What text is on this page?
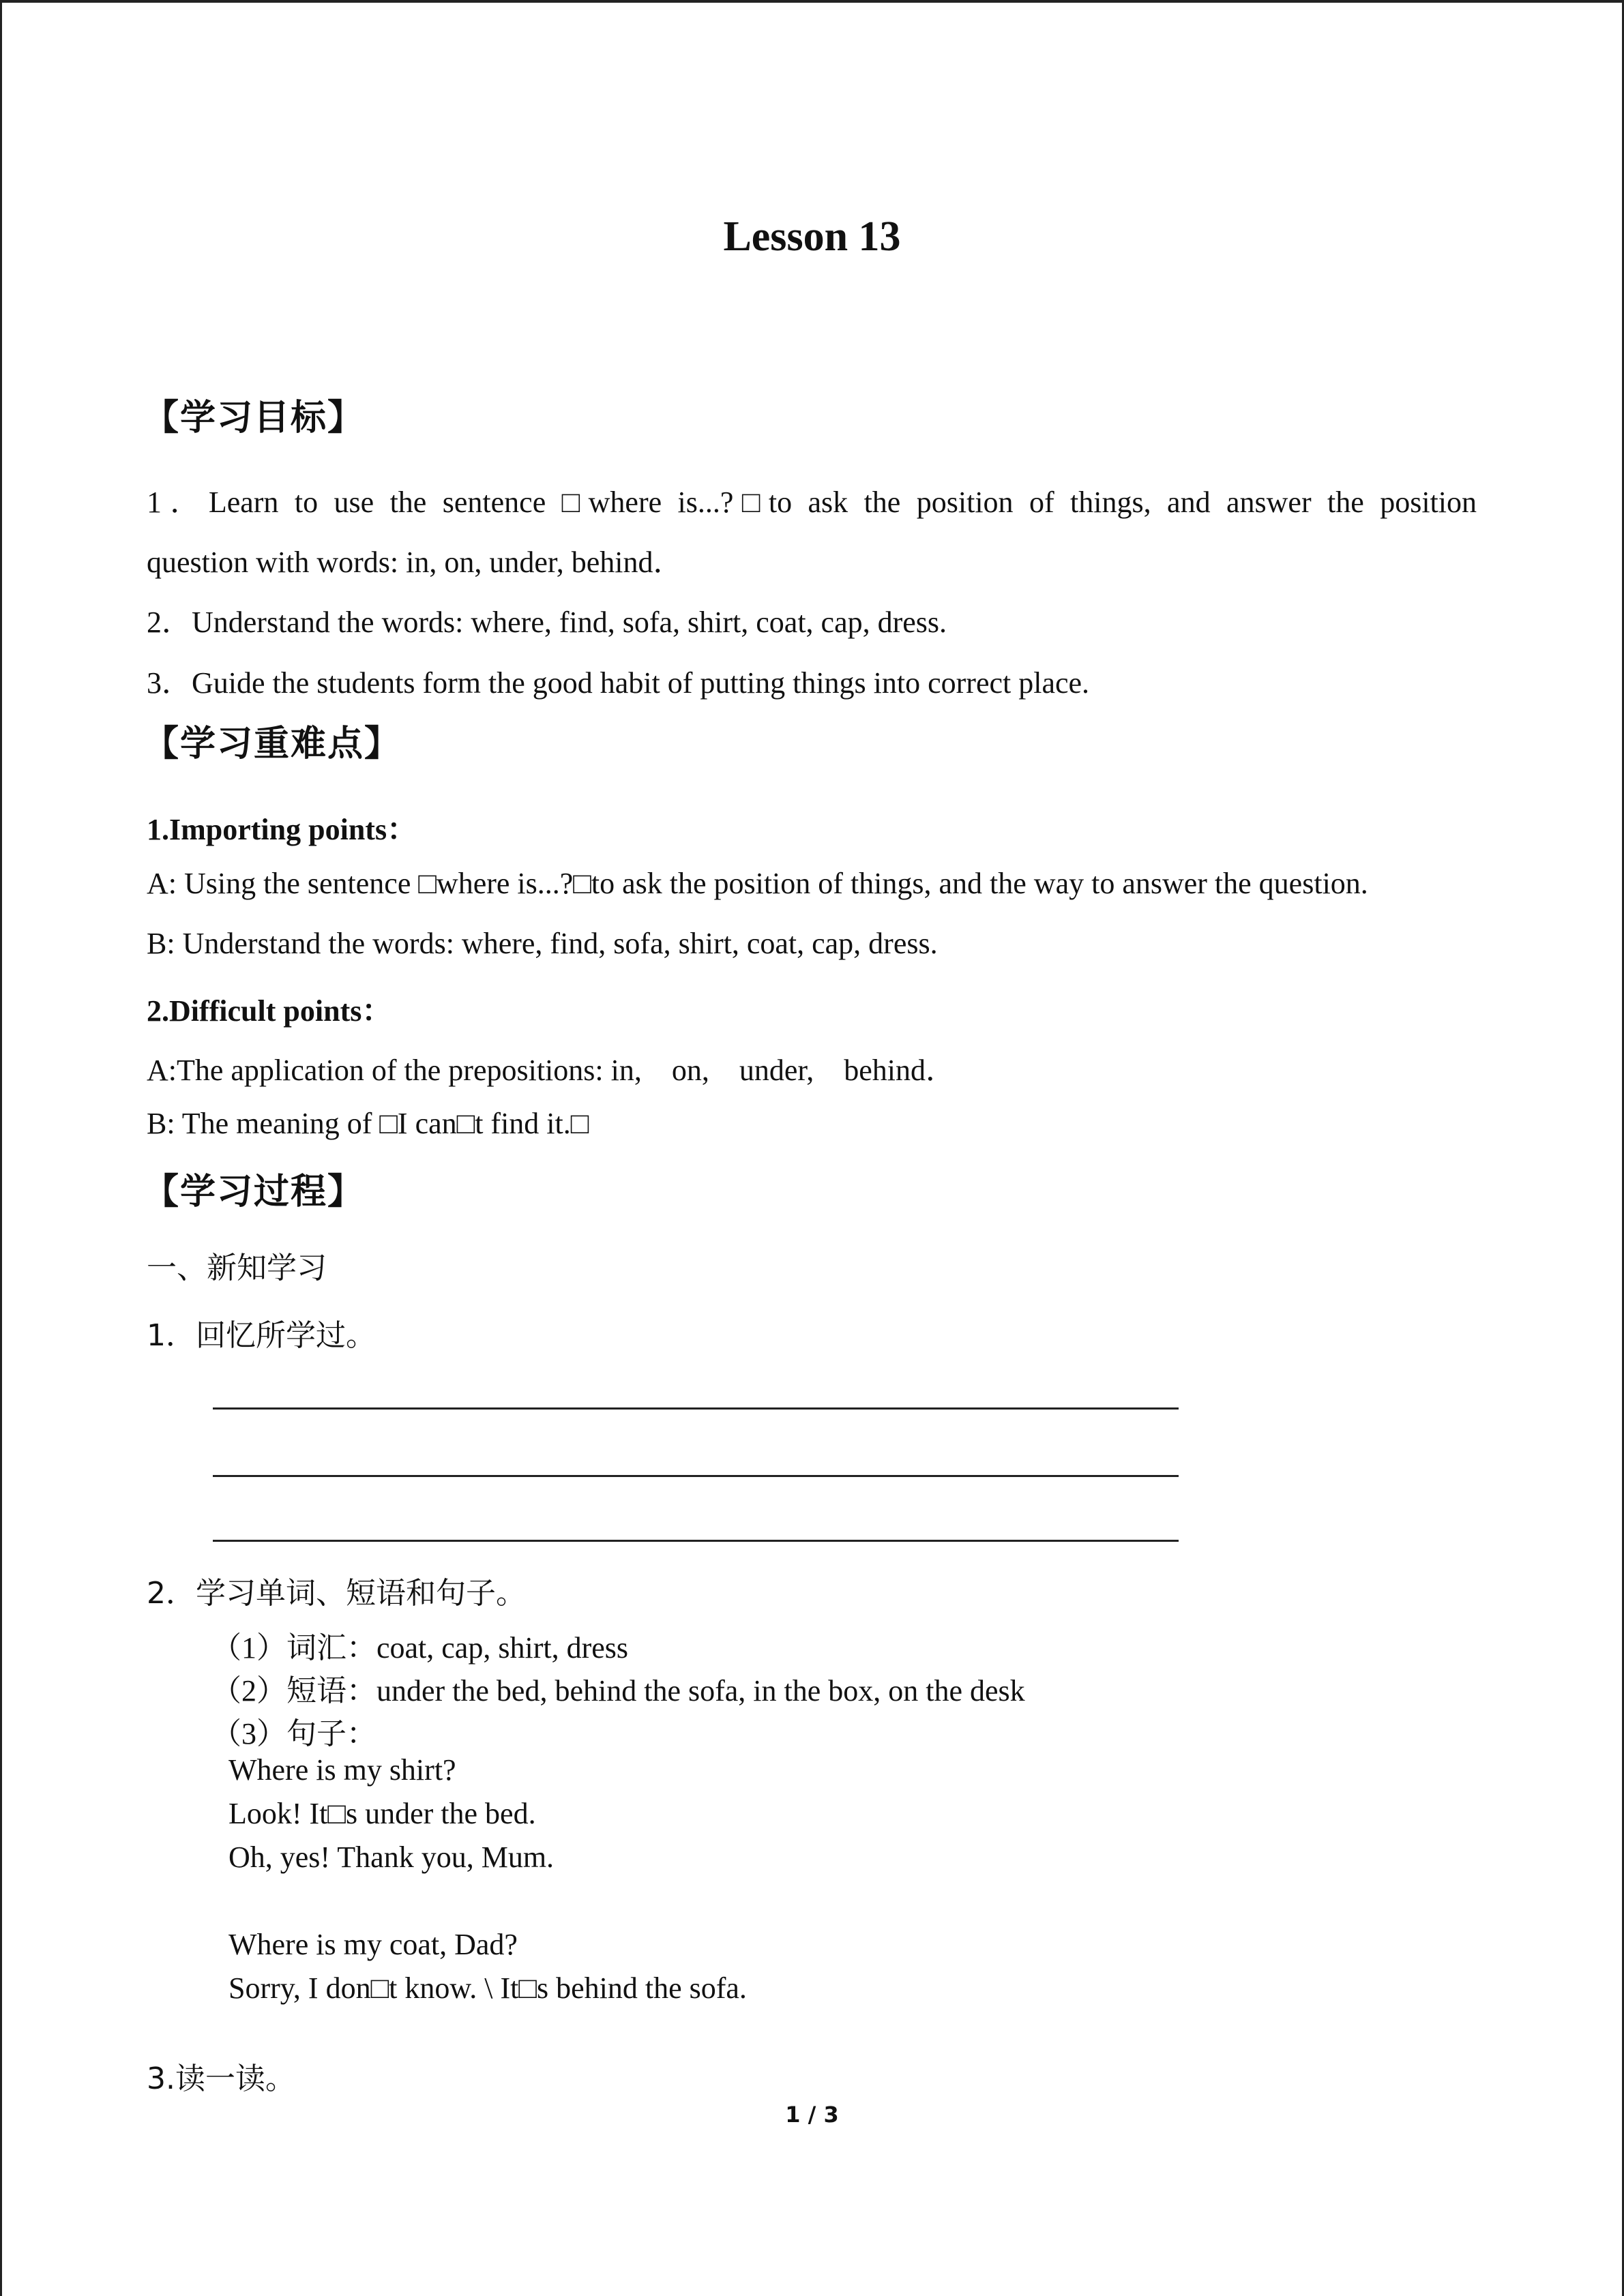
Lesson 13
【学习目标】
1．Learn to use the sentence □where is...?□to ask the position of things, and answer the position
question with words: in, on, under, behind．
2．Understand the words: where, find, sofa, shirt, coat, cap, dress.
3．Guide the students form the good habit of putting things into correct place.
【学习重难点】
1.Importing points：
A: Using the sentence □where is...?□to ask the position of things, and the way to answer the question.
B: Understand the words: where, find, sofa, shirt, coat, cap, dress.
2.Difficult points：
A:The application of the prepositions: in,    on,    under,    behind．
B: The meaning of □I can□t find it.□
【学习过程】
一、新知学习
1．回忆所学过。
2．学习单词、短语和句子。
（1）词汇：coat, cap, shirt, dress
（2）短语：under the bed, behind the sofa, in the box, on the desk
（3）句子：
Where is my shirt?
Look! It□s under the bed.
Oh, yes! Thank you, Mum.
Where is my coat, Dad?
Sorry, I don□t know. \ It□s behind the sofa.
3.读一读。
1 / 3
